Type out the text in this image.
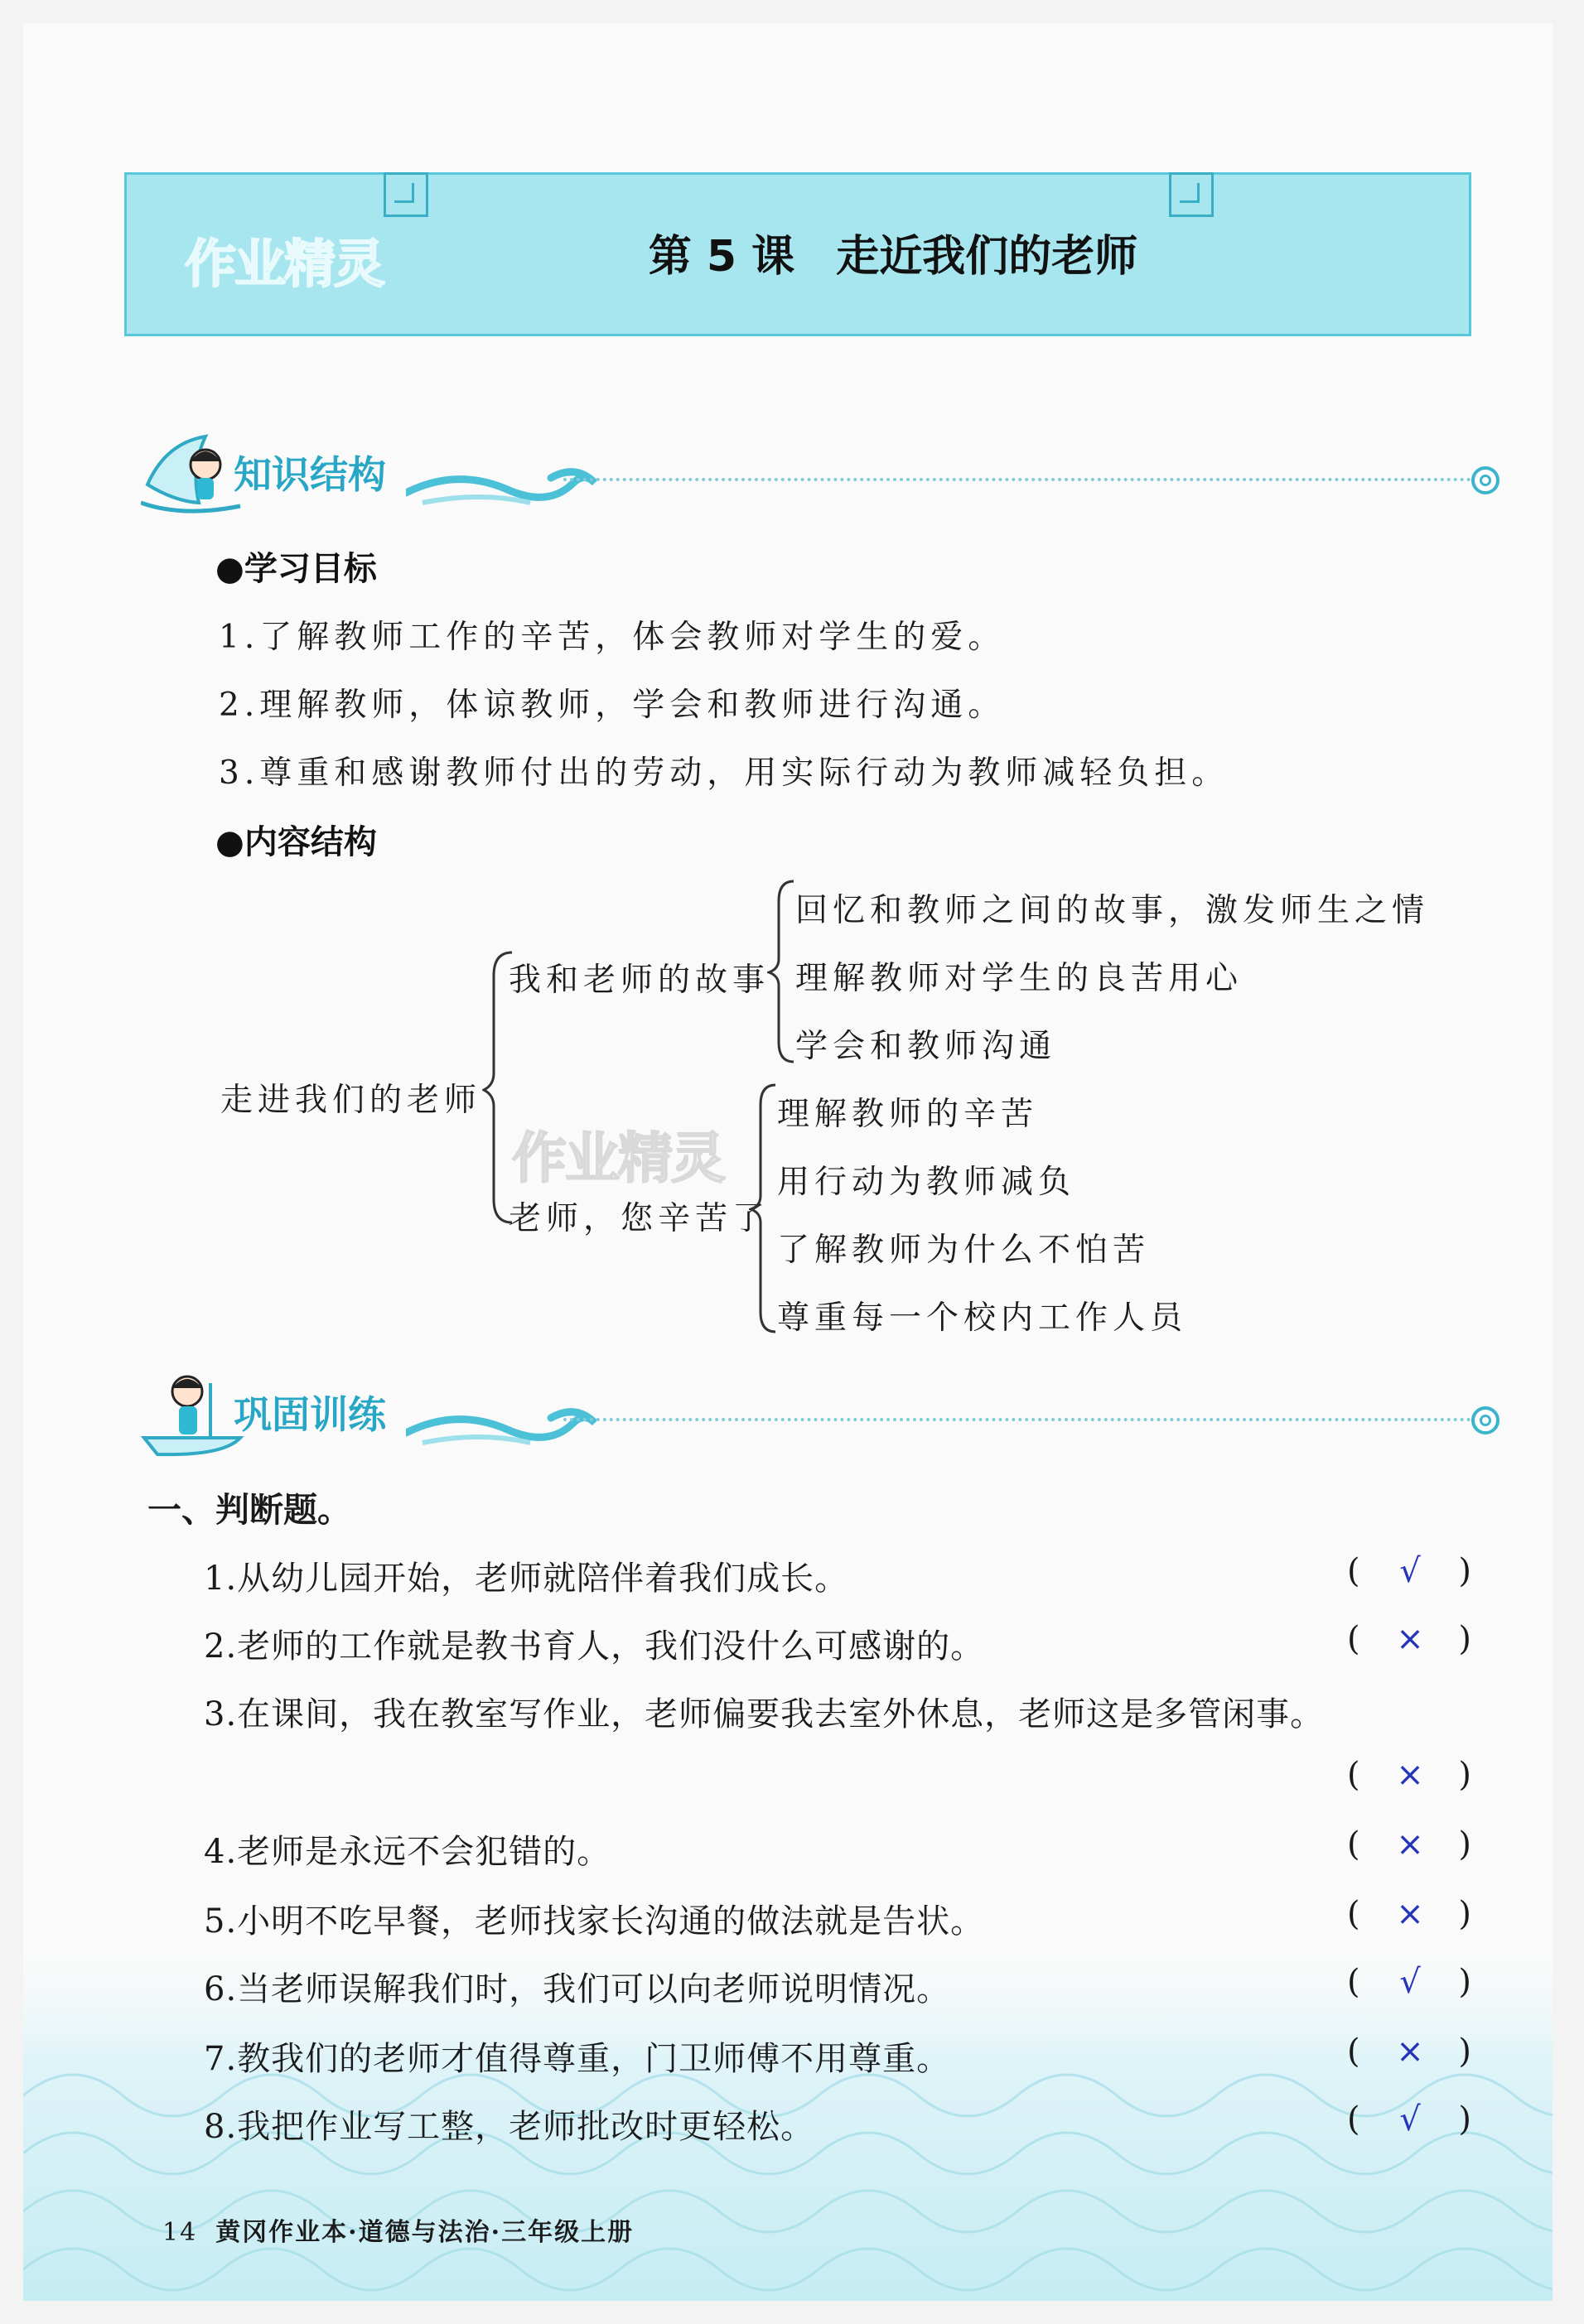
作业精灵	第 5 课 走近我们的老师
知识结构
●学习目标
1.了解教师工作的辛苦，体会教师对学生的爱。
2.理解教师，体谅教师，学会和教师进行沟通。
3.尊重和感谢教师付出的劳动，用实际行动为教师减轻负担。
●内容结构
走进我们的老师
我和老师的故事
回忆和教师之间的故事，激发师生之情
理解教师对学生的良苦用心
学会和教师沟通
作业精灵
老师，您辛苦了
理解教师的辛苦
用行动为教师减负
了解教师为什么不怕苦
尊重每一个校内工作人员
巩固训练
一、判断题。
1.从幼儿园开始，老师就陪伴着我们成长。	( √ )
2.老师的工作就是教书育人，我们没什么可感谢的。	( × )
3.在课间，我在教室写作业，老师偏要我去室外休息，老师这是多管闲事。
( × )
4.老师是永远不会犯错的。	( × )
5.小明不吃早餐，老师找家长沟通的做法就是告状。	( × )
6.当老师误解我们时，我们可以向老师说明情况。	( √ )
7.教我们的老师才值得尊重，门卫师傅不用尊重。	( × )
8.我把作业写工整，老师批改时更轻松。	( √ )
14 黄冈作业本·道德与法治·三年级上册
